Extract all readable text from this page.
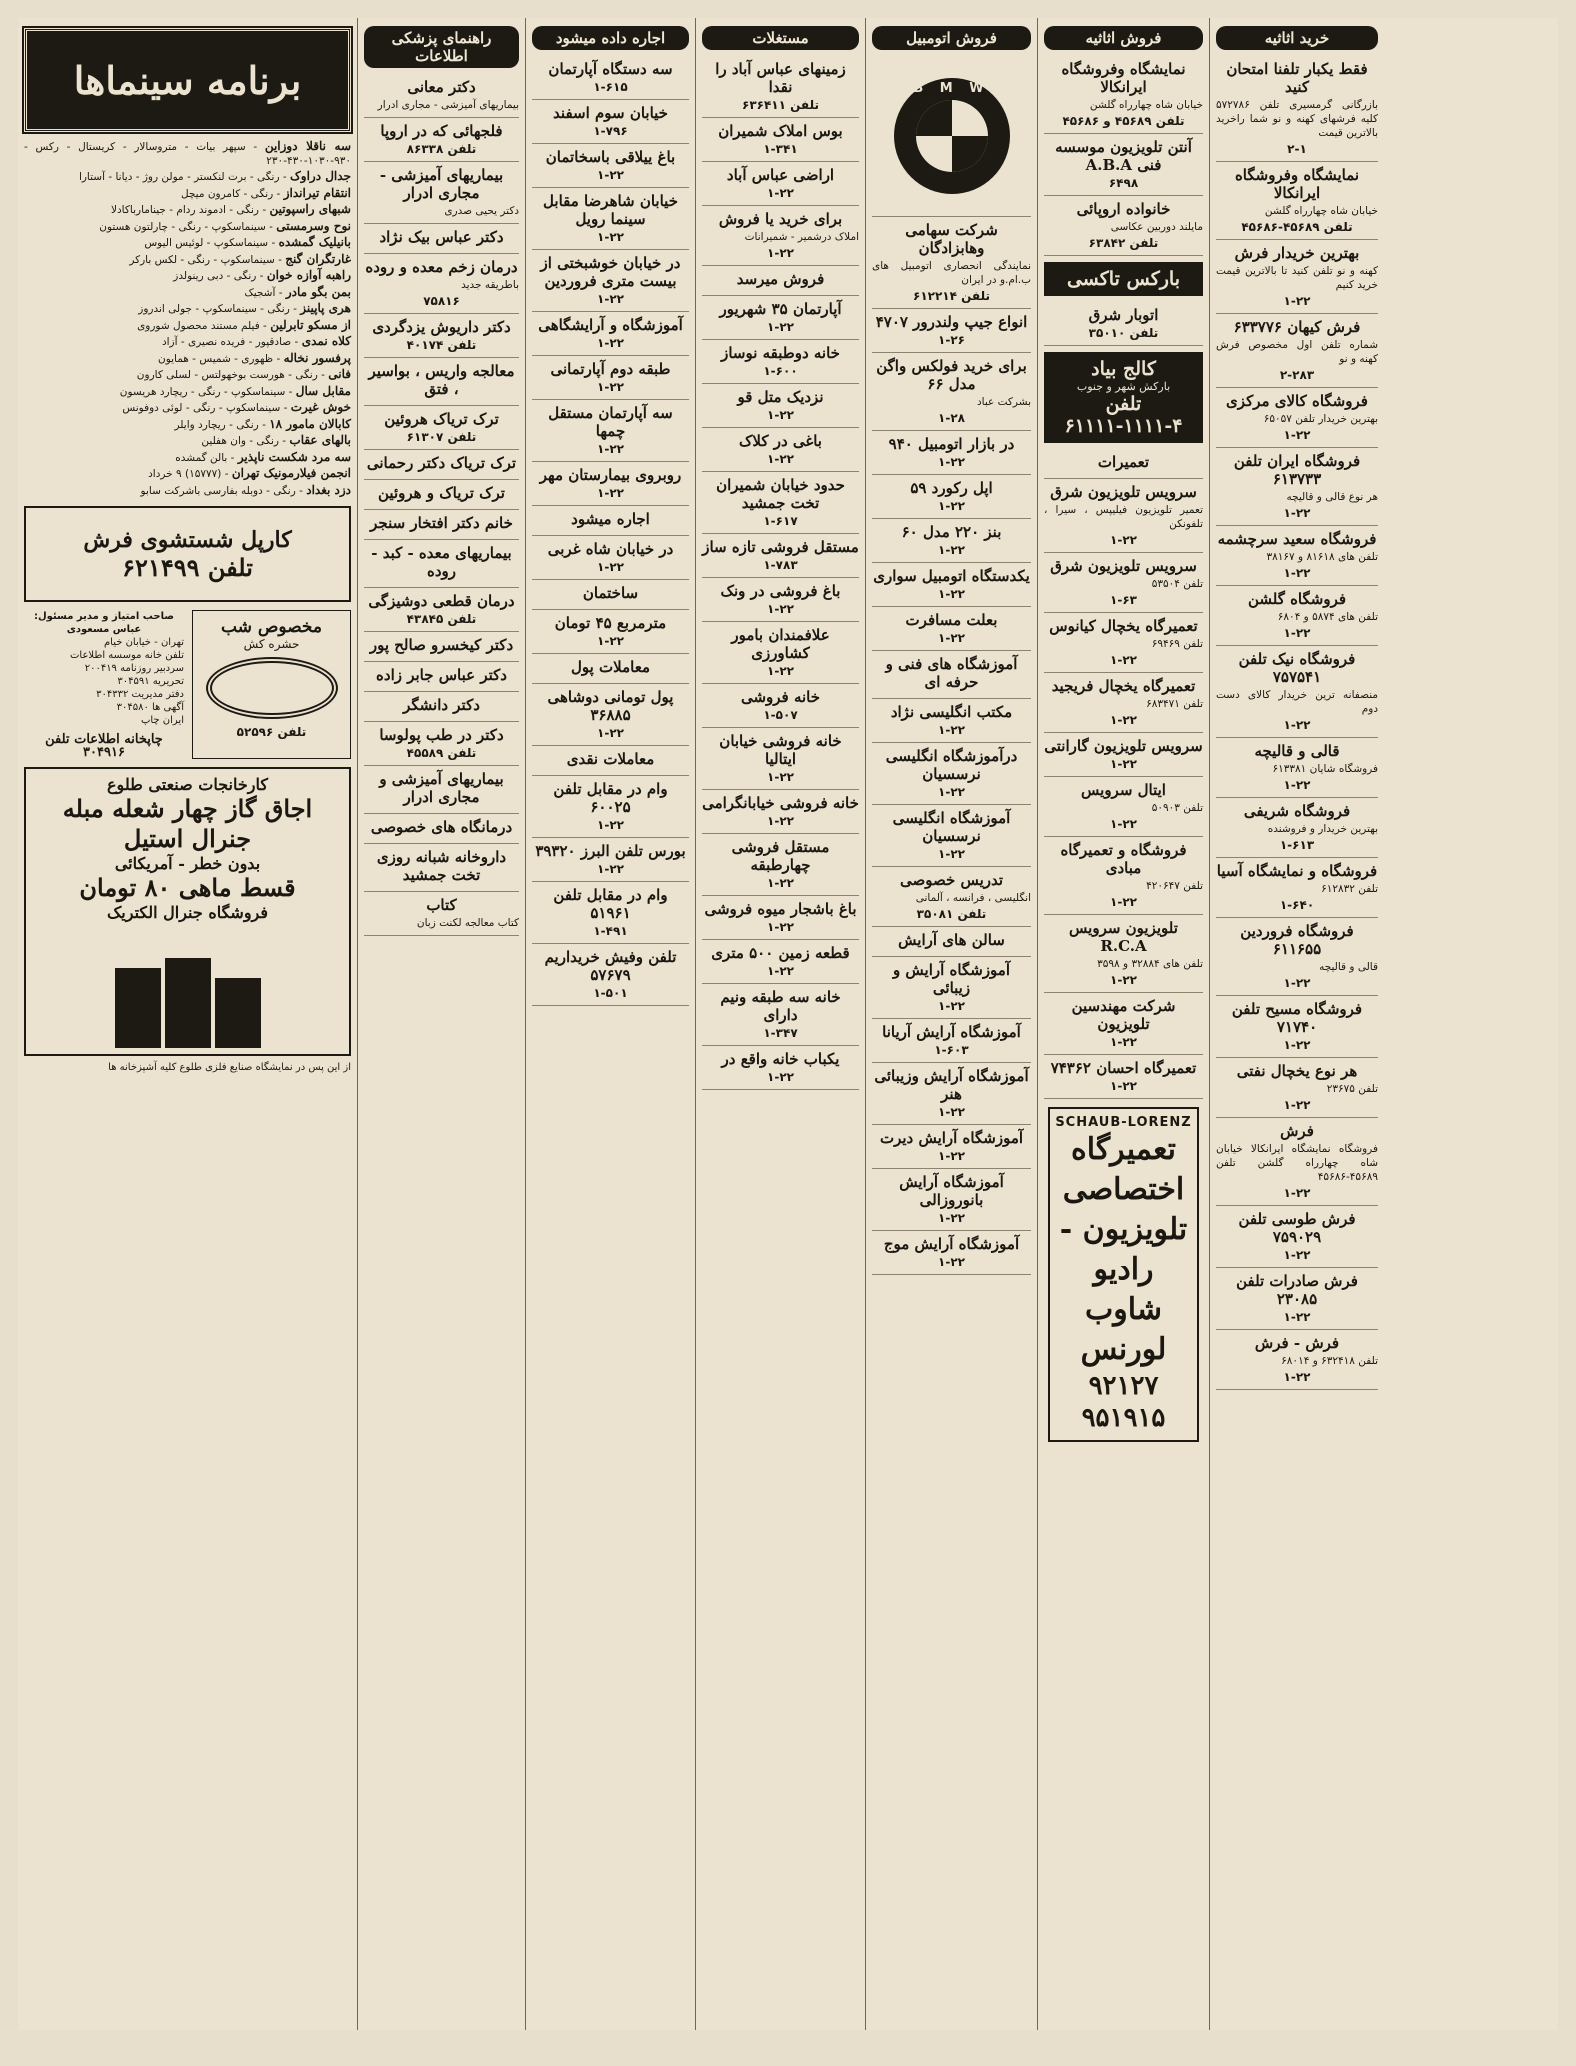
برنامه سینماها
سه ناقلا دوزاین - سپهر بیات - متروسالار - کریستال - رکس - ۹۳۰-۱۰۳۰-۴۳۰-۲۳۰
جدال دراوک - رنگی - برت لنکستر - مولن روژ - دیانا - آستارا
انتقام تیرانداز - رنگی - کامرون میچل
شبهای راسپوتین - رنگی - ادموند ردام - جینامارباکادلا
نوح وسرمستی - سینماسکوپ - رنگی - چارلتون هستون
بانیلیک گمشده - سینماسکوپ - لوئیس الیوس
غارتگران گنج - سینماسکوپ - رنگی - لکس بارکر
راهبه آوازه خوان - رنگی - دبی رینولدز
بمن بگو مادر - آشجیک
هری پاپینز - رنگی - سینماسکوپ - جولی اندروز
از مسکو تابرلین - فیلم مستند محصول شوروی
کلاه نمدی - صادقپور - فریده نصیری - آزاد
پرفسور نخاله - ظهوری - شمیس - همایون
فانی - رنگی - هورست بوخهولتس - لسلی کارون
مقابل سال - سینماسکوپ - رنگی - ریچارد هریسون
خوش غیرت - سینماسکوپ - رنگی - لوئی دوفونس
کابالان مامور ۱۸ - رنگی - ریچارد وایلر
بالهای عقاب - رنگی - وان هفلین
سه مرد شکست ناپذیر - بالن گمشده
انجمن فیلارمونیک تهران - (۱۵۷۷۷) ۹ خرداد
دزد بغداد - رنگی - دوبله بفارسی باشرکت سابو
کارپل شستشوی فرش
تلفن ۶۲۱۴۹۹
مخصوص شب
حشره کش
تلفن ۵۲۵۹۶
صاحب امتیاز و مدیر مسئول: عباس مسعودی
تهران - خیابان خیام
تلفن خانه موسسه اطلاعات
سردبیر روزنامه ۲۰۰۴۱۹
تحریریه ۳۰۴۵۹۱
دفتر مدیریت ۳۰۴۳۳۲
آگهی ها ۳۰۴۵۸۰
ایران چاپ
چاپخانه اطلاعات تلفن ۳۰۴۹۱۶
کارخانجات صنعتی طلوع
اجاق گاز چهار شعله مبله
جنرال استیل
بدون خطر - آمریکائی
قسط ماهی ۸۰ تومان
فروشگاه جنرال الکتریک
از این پس در نمایشگاه صنایع فلزی طلوع کلیه آشپزخانه ها
راهنمای پزشکی اطلاعات
دکتر معانی
بیماریهای آمیزشی - مجاری ادرار
فلجهائی که در اروپا
تلفن ۸۶۳۳۸
بیماریهای آمیزشی - مجاری ادرار
دکتر یحیی صدری
دکتر عباس بیک نژاد
درمان زخم معده و روده
باطریقه جدید
۷۵۸۱۶
دکتر داریوش یزدگردی
تلفن ۴۰۱۷۴
معالجه واریس ، بواسیر ، فتق
ترک تریاک هروئین
تلفن ۶۱۳۰۷
ترک تریاک دکتر رحمانی
ترک تریاک و هروئین
خانم دکتر افتخار سنجر
بیماریهای معده - کبد - روده
درمان قطعی دوشیزگی
تلفن ۴۳۸۴۵
دکتر کیخسرو صالح پور
دکتر عباس جابر زاده
دکتر دانشگر
دکتر در طب پولوسا
تلفن ۴۵۵۸۹
بیماریهای آمیزشی و مجاری ادرار
درمانگاه های خصوصی
داروخانه شبانه روزی تخت جمشید
کتاب
کتاب معالجه لکنت زبان
اجاره داده میشود
سه دستگاه آپارتمان
۱-۶۱۵
خیابان سوم اسفند
۱-۷۹۶
باغ ییلاقی باسخاتمان
۱-۲۲
خیابان شاهرضا مقابل سینما رویل
۱-۲۲
در خیابان خوشبختی از بیست متری فروردین
۱-۲۲
آموزشگاه و آرایشگاهی
۱-۲۲
طبقه دوم آپارتمانی
۱-۲۲
سه آپارتمان مستقل چمها
۱-۲۲
روبروی بیمارستان مهر
۱-۲۲
اجاره میشود
در خیابان شاه غربی
۱-۲۲
ساختمان
مترمربع ۴۵ تومان
۱-۲۲
معاملات پول
پول تومانی دوشاهی ۳۶۸۸۵
۱-۲۲
معاملات نقدی
وام در مقابل تلفن ۶۰۰۲۵
۱-۲۲
بورس تلفن البرز ۳۹۳۲۰
۱-۲۲
وام در مقابل تلفن ۵۱۹۶۱
۱-۴۹۱
تلفن وفیش خریداریم ۵۷۶۷۹
۱-۵۰۱
مستغلات
زمینهای عباس آباد را نقدا
تلفن ۶۳۶۴۱۱
بوس املاک شمیران
۱-۳۴۱
اراضی عباس آباد
۱-۲۲
برای خرید یا فروش
املاک درشمیر - شمیرانات
۱-۲۲
فروش میرسد
آپارتمان ۳۵ شهریور
۱-۲۲
خانه دوطبقه نوساز
۱-۶۰۰
نزدیک متل قو
۱-۲۲
باغی در کلاک
۱-۲۲
حدود خیابان شمیران تخت جمشید
۱-۶۱۷
مستقل فروشی تازه ساز
۱-۷۸۳
باغ فروشی در ونک
۱-۲۲
علافمندان بامور کشاورزی
۱-۲۲
خانه فروشی
۱-۵۰۷
خانه فروشی خیابان ایتالیا
۱-۲۲
خانه فروشی خیابانگرامی
۱-۲۲
مستقل فروشی چهارطبقه
۱-۲۲
باغ باشجار میوه فروشی
۱-۲۲
قطعه زمین ۵۰۰ متری
۱-۲۲
خانه سه طبقه ونیم دارای
۱-۳۴۷
یکباب خانه واقع در
۱-۲۲
فروش اتومبیل
B M W
شرکت سهامی وهابزادگان
نمایندگی انحصاری اتومبیل های ب.ام.و در ایران
تلفن ۶۱۲۲۱۴
انواع جیپ ولندرور ۴۷۰۷
۱-۲۶
برای خرید فولکس واگن مدل ۶۶
بشرکت عباد
۱-۲۸
در بازار اتومبیل ۹۴۰
۱-۲۲
اپل رکورد ۵۹
۱-۲۲
بنز ۲۲۰ مدل ۶۰
۱-۲۲
یکدستگاه اتومبیل سواری
۱-۲۲
بعلت مسافرت
۱-۲۲
آموزشگاه های فنی و حرفه ای
مکتب انگلیسی نژاد
۱-۲۲
درآموزشگاه انگلیسی نرسسیان
۱-۲۲
آموزشگاه انگلیسی نرسسیان
۱-۲۲
تدریس خصوصی
انگلیسی ، فرانسه ، آلمانی
تلفن ۳۵۰۸۱
سالن های آرایش
آموزشگاه آرایش و زیبائی
۱-۲۲
آموزشگاه آرایش آریانا
۱-۶۰۳
آموزشگاه آرایش وزیبائی هنر
۱-۲۲
آموزشگاه آرایش دیرت
۱-۲۲
آموزشگاه آرایش بانوروزالی
۱-۲۲
آموزشگاه آرایش موج
۱-۲۲
فروش اثاثیه
نمایشگاه وفروشگاه ایرانکالا
خیابان شاه چهارراه گلشن
تلفن ۴۵۶۸۹ و ۴۵۶۸۶
آنتن تلویزیون موسسه فنی A.B.A
۶۴۹۸
خانواده اروپائی
مایلند دوربین عکاسی
تلفن ۶۳۸۴۲
بارکس تاکسی
اتوبار شرق
تلفن ۳۵۰۱۰
کالج بیاد
بارکش شهر و جنوب
تلفن ۴-۱۱۱۱-۶۱۱۱۱
تعمیرات
سرویس تلویزیون شرق
تعمیر تلویزیون فیلیپس ، سیرا ، تلفونکن
۱-۲۲
سرویس تلویزیون شرق
تلفن ۵۳۵۰۴
۱-۶۳
تعمیرگاه یخچال کیانوس
تلفن ۶۹۴۶۹
۱-۲۲
تعمیرگاه یخچال فریجید
تلفن ۶۸۳۴۷۱
۱-۲۲
سرویس تلویزیون گارانتی
۱-۲۲
ایتال سرویس
تلفن ۵۰۹۰۳
۱-۲۲
فروشگاه و تعمیرگاه مبادی
تلفن ۴۲۰۶۴۷
۱-۲۲
تلویزیون سرویس R.C.A
تلفن های ۳۲۸۸۴ و ۳۵۹۸
۱-۲۲
شرکت مهندسین تلویزیون
۱-۲۲
تعمیرگاه احسان ۷۴۳۶۲
۱-۲۲
SCHAUB-LORENZ
تعمیرگاه اختصاصی
تلویزیون - رادیو
شاوب لورنس
۹۲۱۲۷
۹۵۱۹۱۵
خرید اثاثیه
فقط یکبار تلفنا امتحان کنید
بازرگانی گرمسیری تلفن ۵۷۲۷۸۶ کلیه فرشهای کهنه و نو شما راخرید بالاترین قیمت
۲-۱
نمایشگاه وفروشگاه ایرانکالا
خیابان شاه چهارراه گلشن
تلفن ۴۵۶۸۹-۴۵۶۸۶
بهترین خریدار فرش
کهنه و نو تلفن کنید تا بالاترین قیمت خرید کنیم
۱-۲۲
فرش کیهان ۶۳۳۷۷۶
شماره تلفن اول مخصوص فرش کهنه و نو
۲-۲۸۳
فروشگاه کالای مرکزی
بهترین خریدار تلفن ۶۵۰۵۷
۱-۲۲
فروشگاه ایران تلفن ۶۱۳۷۳۳
هر نوع قالی و قالیچه
۱-۲۲
فروشگاه سعید سرچشمه
تلفن های ۸۱۶۱۸ و ۳۸۱۶۷
۱-۲۲
فروشگاه گلشن
تلفن های ۵۸۷۴ و ۶۸۰۴
۱-۲۲
فروشگاه نیک تلفن ۷۵۷۵۴۱
منصفانه ترین خریدار کالای دست دوم
۱-۲۲
قالی و قالیچه
فروشگاه شایان ۶۱۳۳۸۱
۱-۲۲
فروشگاه شریفی
بهترین خریدار و فروشنده
۱-۶۱۳
فروشگاه و نمایشگاه آسیا
تلفن ۶۱۲۸۳۲
۱-۶۴۰
فروشگاه فروردین ۶۱۱۶۵۵
قالی و قالیچه
۱-۲۲
فروشگاه مسیح تلفن ۷۱۷۴۰
۱-۲۲
هر نوع یخچال نفتی
تلفن ۲۳۶۷۵
۱-۲۲
فرش
فروشگاه نمایشگاه ایرانکالا خیابان شاه چهارراه گلشن تلفن ۴۵۶۸۹-۴۵۶۸۶
۱-۲۲
فرش طوسی تلفن ۷۵۹۰۲۹
۱-۲۲
فرش صادرات تلفن ۲۳۰۸۵
۱-۲۲
فرش - فرش
تلفن ۶۳۲۴۱۸ و ۶۸۰۱۴
۱-۲۲
